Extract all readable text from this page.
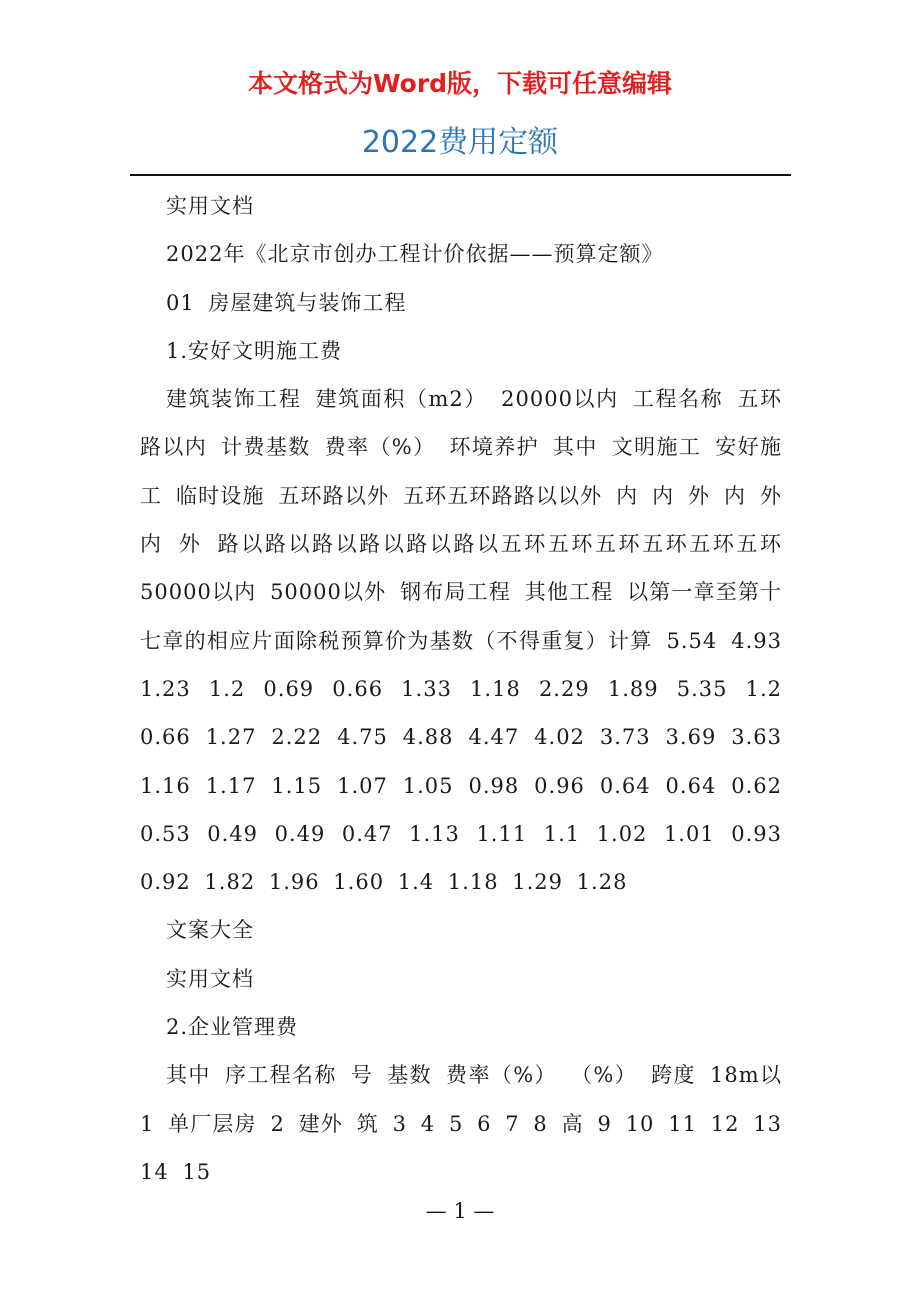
本文格式为Word版，下载可任意编辑
2022费用定额

实用文档

2022年《北京市创办工程计价依据——预算定额》

01 房屋建筑与装饰工程

1.安好文明施工费

建筑装饰工程 建筑面积（m2） 20000以内 工程名称 五环路以内 计费基数 费率（%） 环境养护 其中 文明施工 安好施工 临时设施 五环路以外 五环五环路路以以外 内 内 外 内 外 内 外 路以路以路以路以路以路以五环五环五环五环五环五环 50000以内 50000以外 钢布局工程 其他工程 以第一章至第十七章的相应片面除税预算价为基数（不得重复）计算 5.54 4.93 1.23 1.2 0.69 0.66 1.33 1.18 2.29 1.89 5.35 1.2 0.66 1.27 2.22 4.75 4.88 4.47 4.02 3.73 3.69 3.63 1.16 1.17 1.15 1.07 1.05 0.98 0.96 0.64 0.64 0.62 0.53 0.49 0.49 0.47 1.13 1.11 1.1 1.02 1.01 0.93 0.92 1.82 1.96 1.60 1.4 1.18 1.29 1.28

文案大全

实用文档

2.企业管理费

其中 序工程名称 号 基数 费率（%） （%） 跨度 18m以 1 单厂层房 2 建外 筑 3 4 5 6 7 8 高 9 10 11 12 13 14 15

— 1 —
